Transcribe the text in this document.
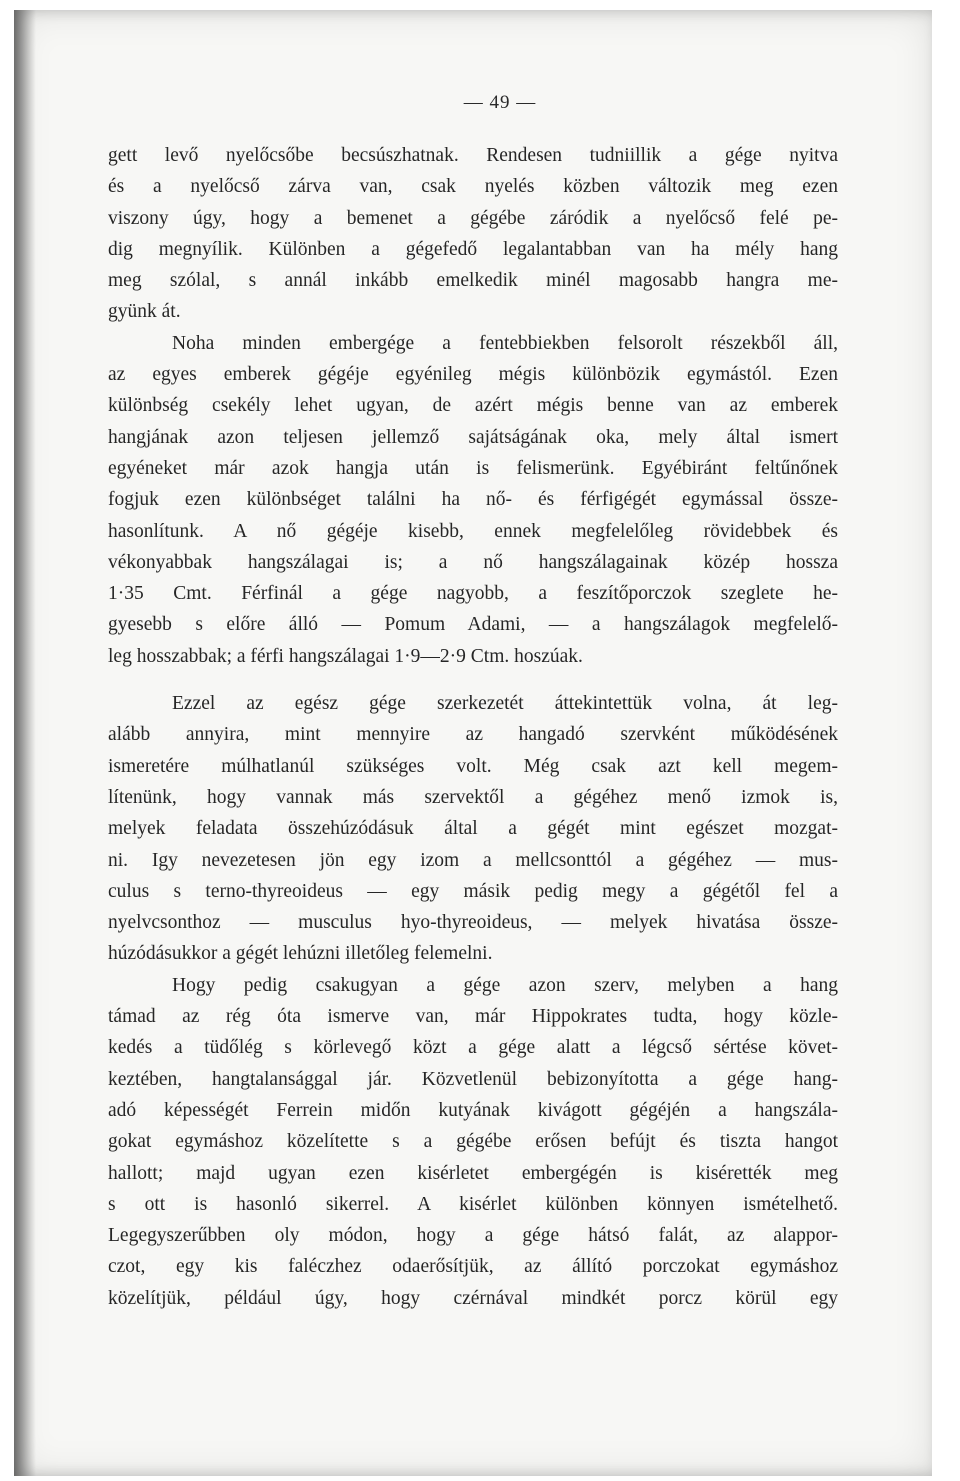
— 49 —
gett levő nyelőcsőbe becsúszhatnak. Rendesen tudniillik a gége nyitva
és a nyelőcső zárva van, csak nyelés közben változik meg ezen
viszony úgy, hogy a bemenet a gégébe záródik a nyelőcső felé pe-
dig megnyílik. Különben a gégefedő legalantabban van ha mély hang
meg szólal, s annál inkább emelkedik minél magosabb hangra me-
gyünk át.
Noha minden embergége a fentebbiekben felsorolt részekből áll,
az egyes emberek gégéje egyénileg mégis különbözik egymástól. Ezen
különbség csekély lehet ugyan, de azért mégis benne van az emberek
hangjának azon teljesen jellemző sajátságának oka, mely által ismert
egyéneket már azok hangja után is felismerünk. Egyébiránt feltűnőnek
fogjuk ezen különbséget találni ha nő- és férfigégét egymással össze-
hasonlítunk. A nő gégéje kisebb, ennek megfelelőleg rövidebbek és
vékonyabbak hangszálagai is; a nő hangszálagainak közép hossza
1·35 Cmt. Férfinál a gége nagyobb, a feszítőporczok szeglete he-
gyesebb s előre álló — Pomum Adami, — a hangszálagok megfelelő-
leg hosszabbak; a férfi hangszálagai 1·9—2·9 Ctm. hoszúak.
Ezzel az egész gége szerkezetét áttekintettük volna, át leg-
alább annyira, mint mennyire az hangadó szervként működésének
ismeretére múlhatlanúl szükséges volt. Még csak azt kell megem-
lítenünk, hogy vannak más szervektől a gégéhez menő izmok is,
melyek feladata összehúzódásuk által a gégét mint egészet mozgat-
ni. Igy nevezetesen jön egy izom a mellcsonttól a gégéhez — mus-
culus s terno-thyreoideus — egy másik pedig megy a gégétől fel a
nyelvcsonthoz — musculus hyo-thyreoideus, — melyek hivatása össze-
húzódásukkor a gégét lehúzni illetőleg felemelni.
Hogy pedig csakugyan a gége azon szerv, melyben a hang
támad az rég óta ismerve van, már Hippokrates tudta, hogy közle-
kedés a tüdőlég s körlevegő közt a gége alatt a légcső sértése követ-
keztében, hangtalansággal jár. Közvetlenül bebizonyította a gége hang-
adó képességét Ferrein midőn kutyának kivágott gégéjén a hangszála-
gokat egymáshoz közelítette s a gégébe erősen befújt és tiszta hangot
hallott; majd ugyan ezen kisérletet embergégén is kisérették meg
s ott is hasonló sikerrel. A kisérlet különben könnyen ismételhető.
Legegyszerűbben oly módon, hogy a gége hátsó falát, az alappor-
czot, egy kis faléczhez odaerősítjük, az állító porczokat egymáshoz
közelítjük, például úgy, hogy czérnával mindkét porcz körül egy
